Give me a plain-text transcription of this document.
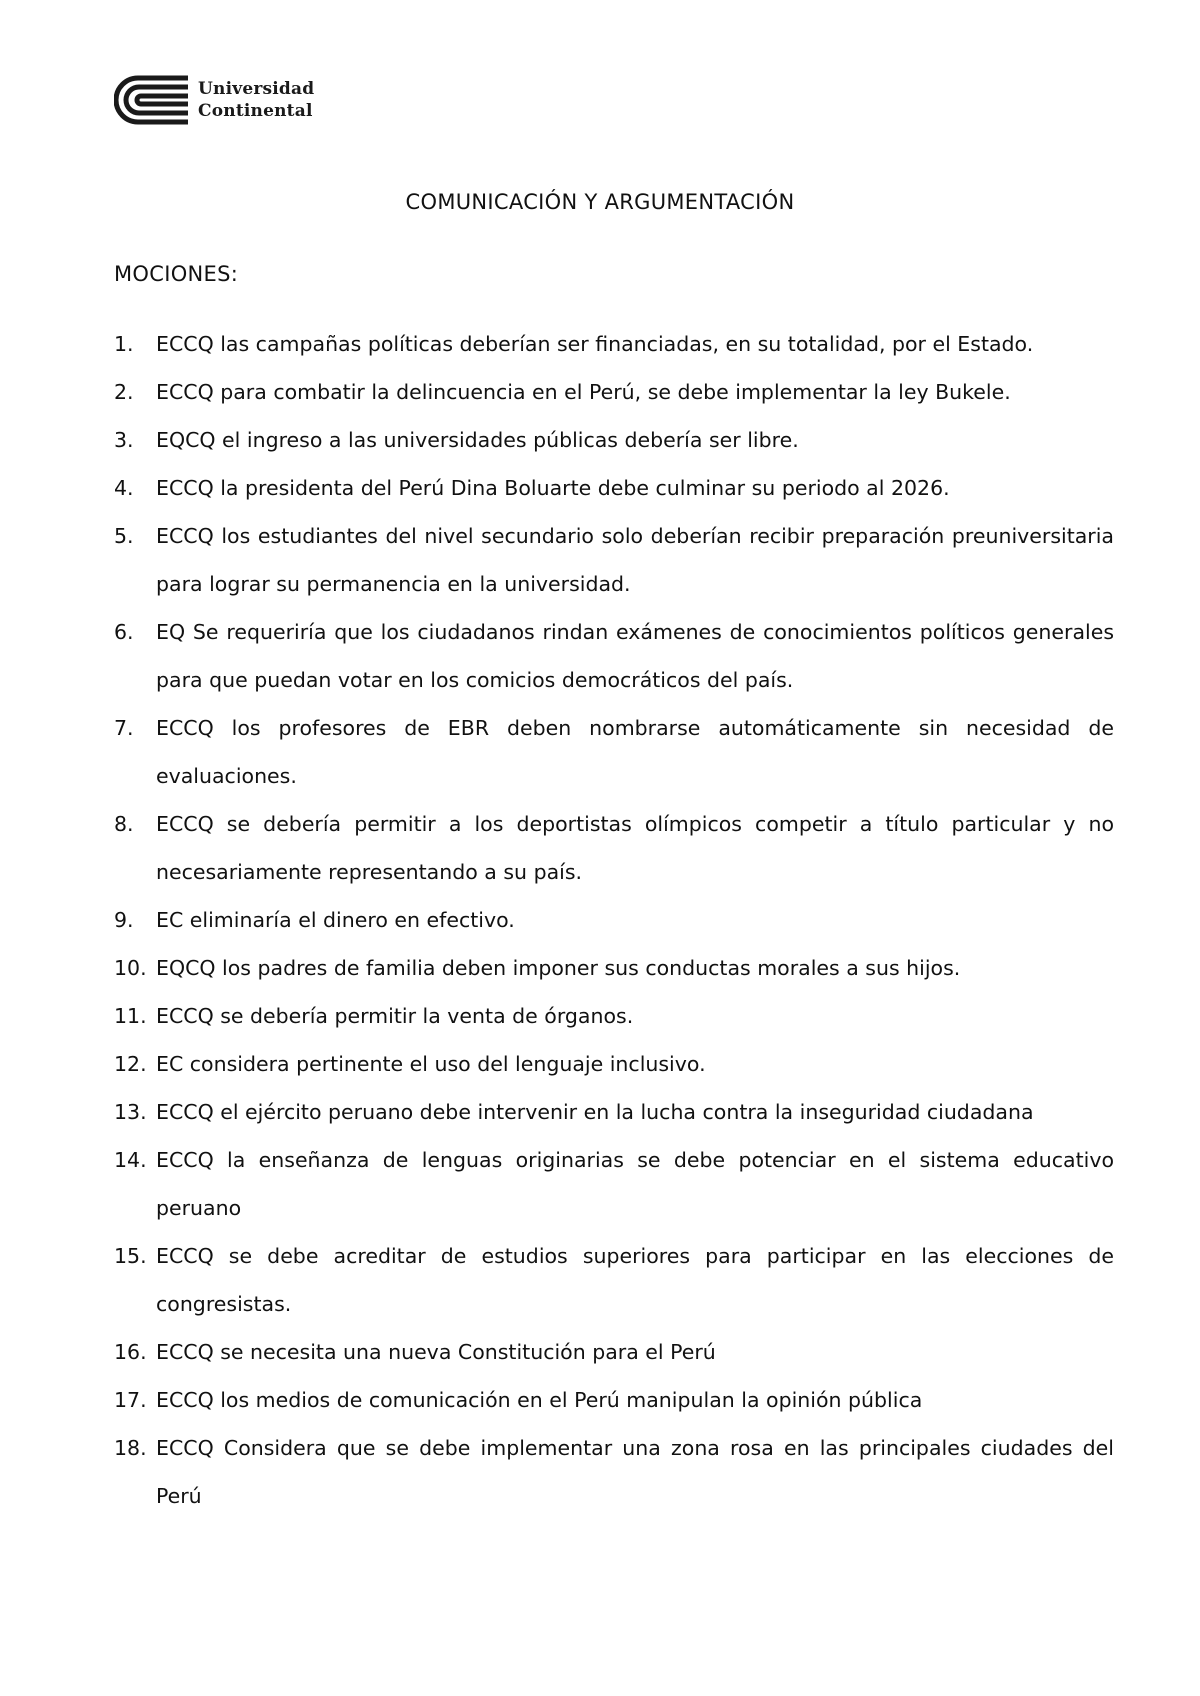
Universidad
Continental
COMUNICACIÓN Y ARGUMENTACIÓN
MOCIONES:
1.	ECCQ las campañas políticas deberían ser financiadas, en su totalidad, por el Estado.
2.	ECCQ para combatir la delincuencia en el Perú, se debe implementar la ley Bukele.
3.	EQCQ el ingreso a las universidades públicas debería ser libre.
4.	ECCQ la presidenta del Perú Dina Boluarte debe culminar su periodo al 2026.
5.	ECCQ los estudiantes del nivel secundario solo deberían recibir preparación preuniversitaria para lograr su permanencia en la universidad.
6.	EQ Se requeriría que los ciudadanos rindan exámenes de conocimientos políticos generales para que puedan votar en los comicios democráticos del país.
7.	ECCQ los profesores de EBR deben nombrarse automáticamente sin necesidad de evaluaciones.
8.	ECCQ se debería permitir a los deportistas olímpicos competir a título particular y no necesariamente representando a su país.
9.	EC eliminaría el dinero en efectivo.
10. EQCQ los padres de familia deben imponer sus conductas morales a sus hijos.
11. ECCQ se debería permitir la venta de órganos.
12. EC considera pertinente el uso del lenguaje inclusivo.
13. ECCQ el ejército peruano debe intervenir en la lucha contra la inseguridad ciudadana
14. ECCQ la enseñanza de lenguas originarias se debe potenciar en el sistema educativo peruano
15. ECCQ se debe acreditar de estudios superiores para participar en las elecciones de congresistas.
16. ECCQ se necesita una nueva Constitución para el Perú
17. ECCQ los medios de comunicación en el Perú manipulan la opinión pública
18. ECCQ Considera que se debe implementar una zona rosa en las principales ciudades del Perú
